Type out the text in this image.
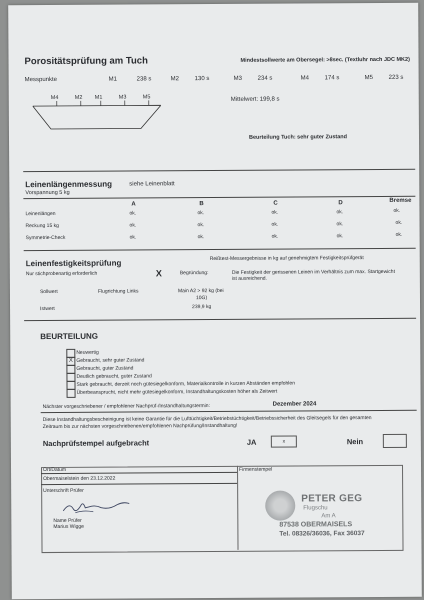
Porositätsprüfung am Tuch	Mindestsollwerte am Obersegel: >8sec. (Textluhr nach JDC MK2)
Messpunkte	M1	238 s	M2	130 s	M3	234 s	M4	174 s	M5	223 s
M4	M2 M1	M3	M5	Mittelwert: 199,8 s
Beurteilung Tuch: sehr guter Zustand
Leinenlängenmessung	siehe Leinenblatt
Vorspannung 5 kg
A	B	C	D	Bremse
Leinenlängen	ok.	ok.	ok.	ok.	ok.
Reckung 15 kg	ok.	ok.	ok.	ok.	ok.
Symmetrie-Check	ok.	ok.	ok.	ok.	ok.
Leinenfestigkeitsprüfung
Reißtest-Messergebnisse in kg auf genehmigtem Festigkeitsprüfgerät
Nur stichprobenartig erforderlich	X	Begründung:	Die Festigkeit der gerissenen Leinen im Verhältnis zum max. Startgewicht
ist ausreichend.
Sollwert	Flugrichtung Links	Main A2 > 92 kg (bei
10G)
Istwert	239,9 kg
BEURTEILUNG
Neuwertig
X Gebraucht, sehr guter Zustand
Gebraucht, guter Zustand
Deutlich gebraucht, guter Zustand
Stark gebraucht, derzeit noch gütesiegelkonform, Materialkontrolle in kurzen Abständen empfohlen
Überbeansprucht, nicht mehr gütesiegelkonform, Instandhaltungskosten höher als Zeitwert
Nächster vorgeschriebener / empfohlener Nachprüf-/Instandhaltungstermin:	Dezember 2024
Diese Instandhaltungsbescheinigung ist keine Garantie für die Lufttüchtigkeit/Betriebstüchtigkeit/Betriebssicherheit des Gleitsegels für den gesamten
Zeitraum bis zur nächsten vorgeschriebenen/empfohlenen Nachprüfung/Instandhaltung!
Nachprüfstempel aufgebracht	JA	x	Nein
Ort/Datum
Obermaiselstein den 23.12.2022
Firmenstempel
Unterschrift Prüfer
Name Prüfer
Marius Wigge
PETER GEG
Flugschu
Am A
87538 OBERMAISELS
Tel. 08326/36036, Fax 36037
